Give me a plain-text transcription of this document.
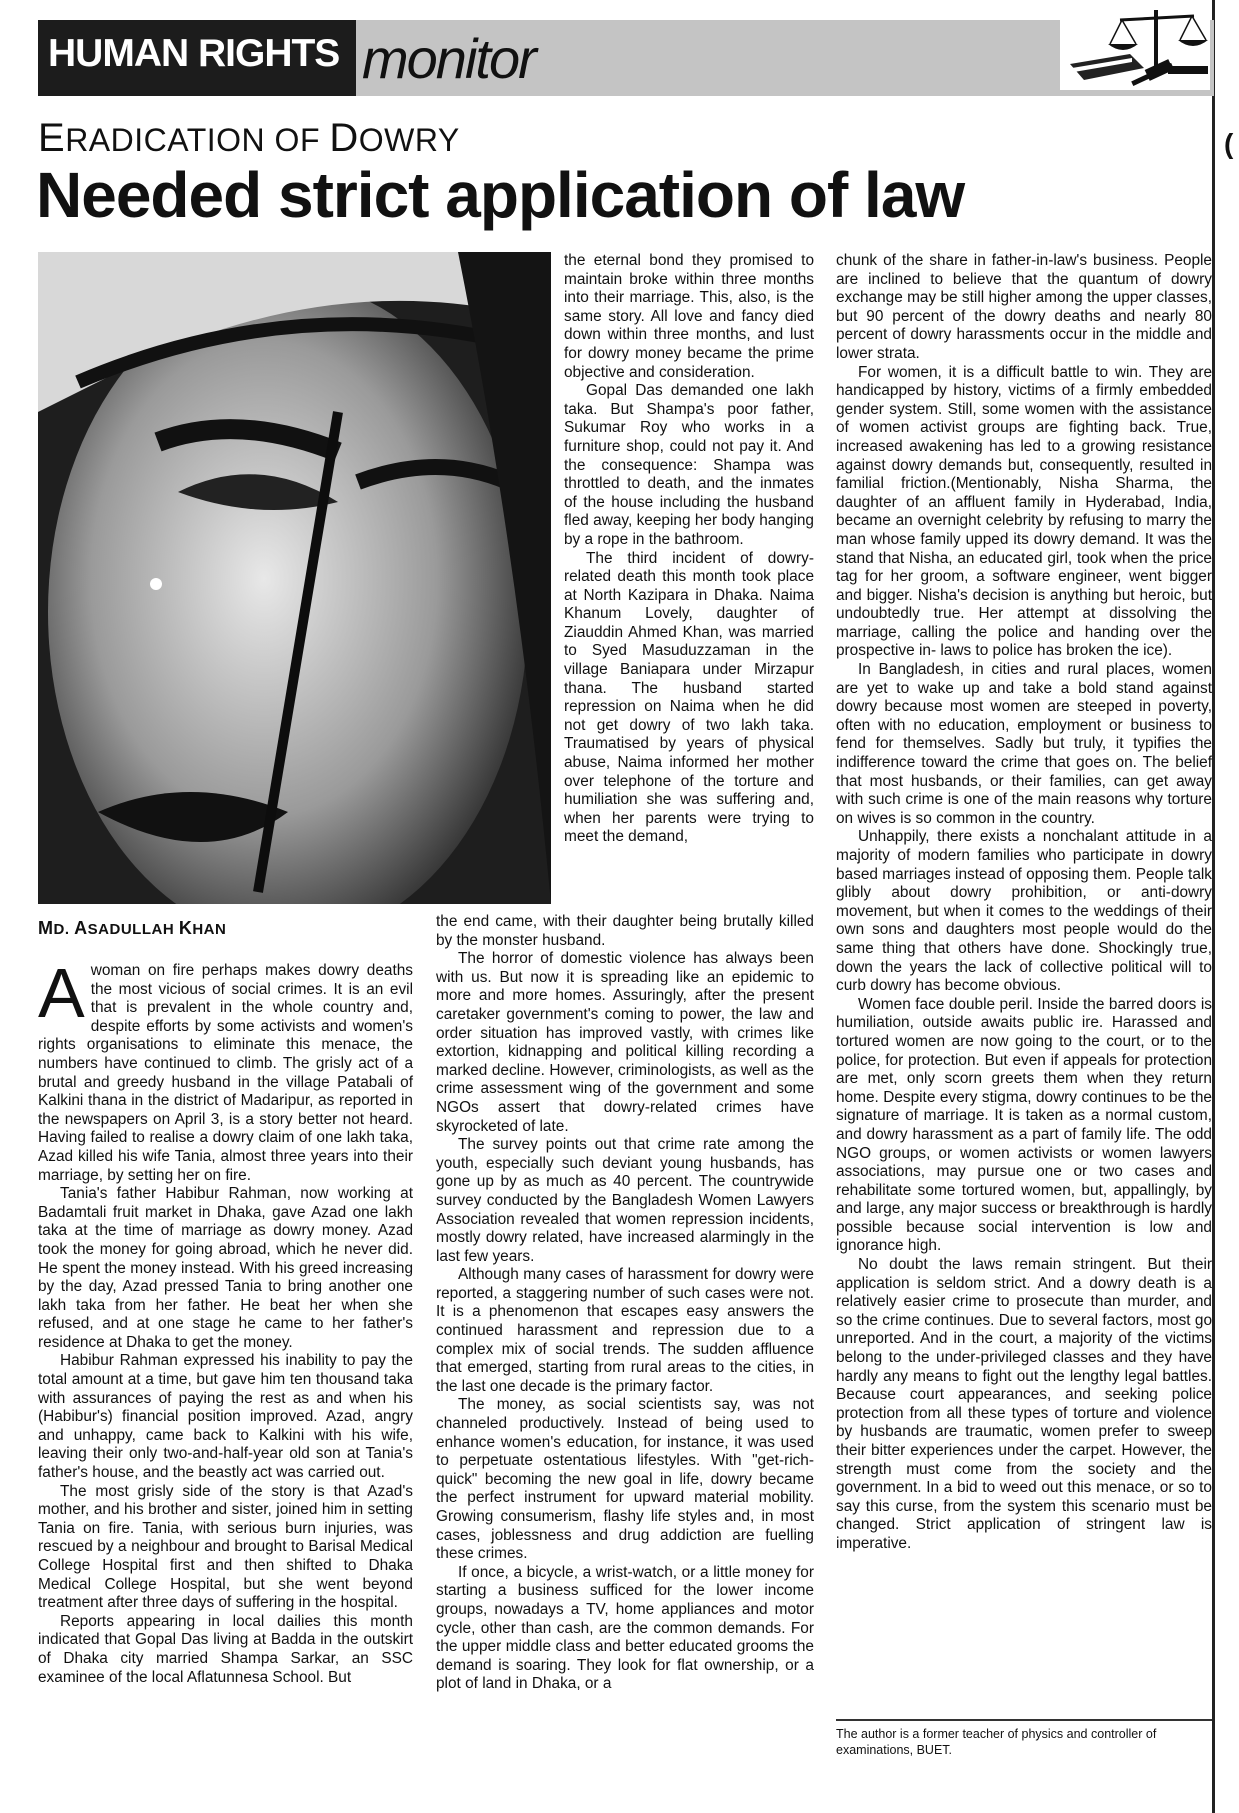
(
HUMAN RIGHTS monitor
ERADICATION OF DOWRY
Needed strict application of law
MD. ASADULLAH KHAN

Awoman on fire perhaps makes dowry deaths the most vicious of social crimes. It is an evil that is prevalent in the whole country and, despite efforts by some activists and women's rights organisations to eliminate this menace, the numbers have continued to climb. The grisly act of a brutal and greedy husband in the village Patabali of Kalkini thana in the district of Madaripur, as reported in the newspapers on April 3, is a story better not heard. Having failed to realise a dowry claim of one lakh taka, Azad killed his wife Tania, almost three years into their marriage, by setting her on fire.

Tania's father Habibur Rahman, now working at Badamtali fruit market in Dhaka, gave Azad one lakh taka at the time of marriage as dowry money. Azad took the money for going abroad, which he never did. He spent the money instead. With his greed increasing by the day, Azad pressed Tania to bring another one lakh taka from her father. He beat her when she refused, and at one stage he came to her father's residence at Dhaka to get the money.

Habibur Rahman expressed his inability to pay the total amount at a time, but gave him ten thousand taka with assurances of paying the rest as and when his (Habibur's) financial position improved. Azad, angry and unhappy, came back to Kalkini with his wife, leaving their only two-and-half-year old son at Tania's father's house, and the beastly act was carried out.

The most grisly side of the story is that Azad's mother, and his brother and sister, joined him in setting Tania on fire. Tania, with serious burn injuries, was rescued by a neighbour and brought to Barisal Medical College Hospital first and then shifted to Dhaka Medical College Hospital, but she went beyond treatment after three days of suffering in the hospital.

Reports appearing in local dailies this month indicated that Gopal Das living at Badda in the outskirt of Dhaka city married Shampa Sarkar, an SSC examinee of the local Aflatunnesa School. But

the eternal bond they promised to maintain broke within three months into their marriage. This, also, is the same story. All love and fancy died down within three months, and lust for dowry money became the prime objective and consideration.

Gopal Das demanded one lakh taka. But Shampa's poor father, Sukumar Roy who works in a furniture shop, could not pay it. And the consequence: Shampa was throttled to death, and the inmates of the house including the husband fled away, keeping her body hanging by a rope in the bathroom.

The third incident of dowry-related death this month took place at North Kazipara in Dhaka. Naima Khanum Lovely, daughter of Ziauddin Ahmed Khan, was married to Syed Masuduzzaman in the village Baniapara under Mirzapur thana. The husband started repression on Naima when he did not get dowry of two lakh taka. Traumatised by years of physical abuse, Naima informed her mother over telephone of the torture and humiliation she was suffering and, when her parents were trying to meet the demand,

the end came, with their daughter being brutally killed by the monster husband.

The horror of domestic violence has always been with us. But now it is spreading like an epidemic to more and more homes. Assuringly, after the present caretaker government's coming to power, the law and order situation has improved vastly, with crimes like extortion, kidnapping and political killing recording a marked decline. However, criminologists, as well as the crime assessment wing of the government and some NGOs assert that dowry-related crimes have skyrocketed of late.

The survey points out that crime rate among the youth, especially such deviant young husbands, has gone up by as much as 40 percent. The countrywide survey conducted by the Bangladesh Women Lawyers Association revealed that women repression incidents, mostly dowry related, have increased alarmingly in the last few years.

Although many cases of harassment for dowry were reported, a staggering number of such cases were not. It is a phenomenon that escapes easy answers the continued harassment and repression due to a complex mix of social trends. The sudden affluence that emerged, starting from rural areas to the cities, in the last one decade is the primary factor.

The money, as social scientists say, was not channeled productively. Instead of being used to enhance women's education, for instance, it was used to perpetuate ostentatious lifestyles. With "get-rich-quick" becoming the new goal in life, dowry became the perfect instrument for upward material mobility. Growing consumerism, flashy life styles and, in most cases, joblessness and drug addiction are fuelling these crimes.

If once, a bicycle, a wrist-watch, or a little money for starting a business sufficed for the lower income groups, nowadays a TV, home appliances and motor cycle, other than cash, are the common demands. For the upper middle class and better educated grooms the demand is soaring. They look for flat ownership, or a plot of land in Dhaka, or a

chunk of the share in father-in-law's business. People are inclined to believe that the quantum of dowry exchange may be still higher among the upper classes, but 90 percent of the dowry deaths and nearly 80 percent of dowry harassments occur in the middle and lower strata.

For women, it is a difficult battle to win. They are handicapped by history, victims of a firmly embedded gender system. Still, some women with the assistance of women activist groups are fighting back. True, increased awakening has led to a growing resistance against dowry demands but, consequently, resulted in familial friction.(Mentionably, Nisha Sharma, the daughter of an affluent family in Hyderabad, India, became an overnight celebrity by refusing to marry the man whose family upped its dowry demand. It was the stand that Nisha, an educated girl, took when the price tag for her groom, a software engineer, went bigger and bigger. Nisha's decision is anything but heroic, but undoubtedly true. Her attempt at dissolving the marriage, calling the police and handing over the prospective in- laws to police has broken the ice).

In Bangladesh, in cities and rural places, women are yet to wake up and take a bold stand against dowry because most women are steeped in poverty, often with no education, employment or business to fend for themselves. Sadly but truly, it typifies the indifference toward the crime that goes on. The belief that most husbands, or their families, can get away with such crime is one of the main reasons why torture on wives is so common in the country.

Unhappily, there exists a nonchalant attitude in a majority of modern families who participate in dowry based marriages instead of opposing them. People talk glibly about dowry prohibition, or anti-dowry movement, but when it comes to the weddings of their own sons and daughters most people would do the same thing that others have done. Shockingly true, down the years the lack of collective political will to curb dowry has become obvious.

Women face double peril. Inside the barred doors is humiliation, outside awaits public ire. Harassed and tortured women are now going to the court, or to the police, for protection. But even if appeals for protection are met, only scorn greets them when they return home. Despite every stigma, dowry continues to be the signature of marriage. It is taken as a normal custom, and dowry harassment as a part of family life. The odd NGO groups, or women activists or women lawyers associations, may pursue one or two cases and rehabilitate some tortured women, but, appallingly, by and large, any major success or breakthrough is hardly possible because social intervention is low and ignorance high.

No doubt the laws remain stringent. But their application is seldom strict. And a dowry death is a relatively easier crime to prosecute than murder, and so the crime continues. Due to several factors, most go unreported. And in the court, a majority of the victims belong to the under-privileged classes and they have hardly any means to fight out the lengthy legal battles. Because court appearances, and seeking police protection from all these types of torture and violence by husbands are traumatic, women prefer to sweep their bitter experiences under the carpet. However, the strength must come from the society and the government. In a bid to weed out this menace, or so to say this curse, from the system this scenario must be changed. Strict application of stringent law is imperative.

The author is a former teacher of physics and controller of examinations, BUET.
